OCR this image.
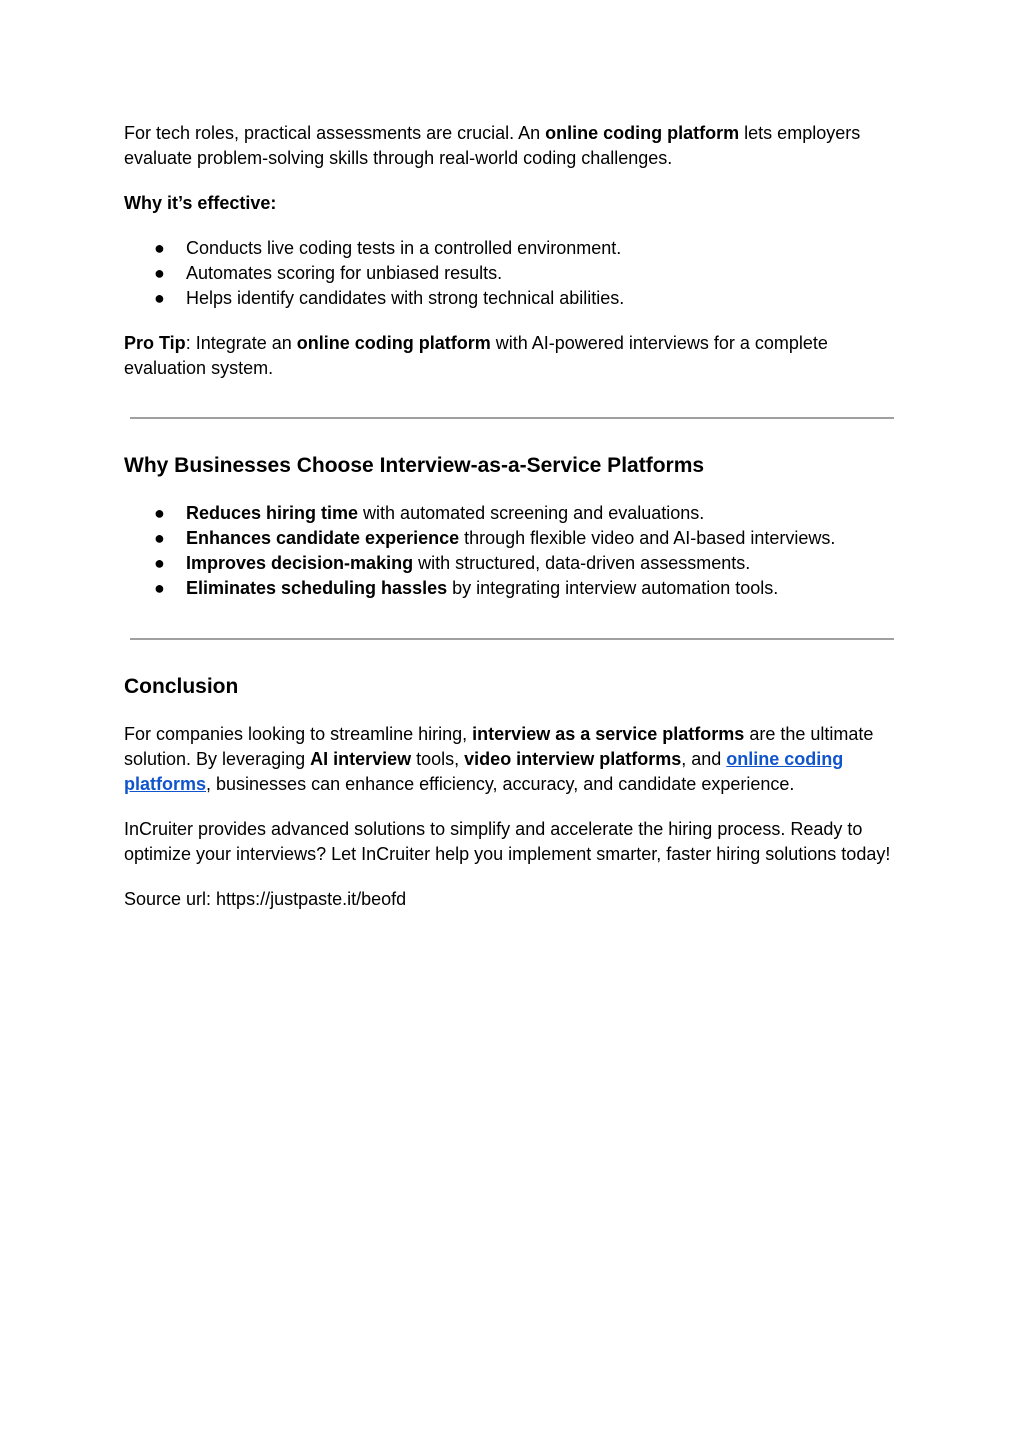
For tech roles, practical assessments are crucial. An online coding platform lets employers evaluate problem-solving skills through real-world coding challenges.

Why it’s effective:
● Conducts live coding tests in a controlled environment.
● Automates scoring for unbiased results.
● Helps identify candidates with strong technical abilities.

Pro Tip: Integrate an online coding platform with AI-powered interviews for a complete evaluation system.

Why Businesses Choose Interview-as-a-Service Platforms
● Reduces hiring time with automated screening and evaluations.
● Enhances candidate experience through flexible video and AI-based interviews.
● Improves decision-making with structured, data-driven assessments.
● Eliminates scheduling hassles by integrating interview automation tools.
Conclusion

For companies looking to streamline hiring, interview as a service platforms are the ultimate solution. By leveraging AI interview tools, video interview platforms, and online coding platforms, businesses can enhance efficiency, accuracy, and candidate experience.

InCruiter provides advanced solutions to simplify and accelerate the hiring process. Ready to optimize your interviews? Let InCruiter help you implement smarter, faster hiring solutions today!

Source url: https://justpaste.it/beofd
